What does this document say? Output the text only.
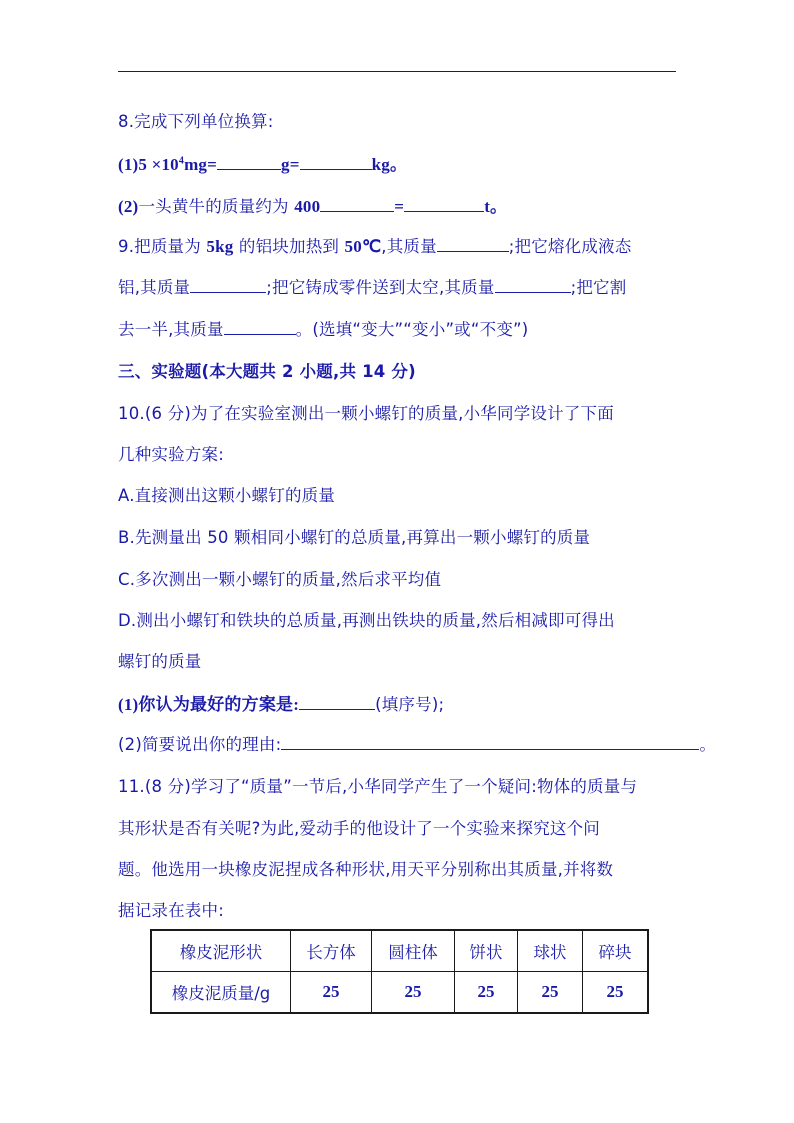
8.完成下列单位换算:
$(1)5 \times 10^4mg=$	g=	kg。
(2)一头黄牛的质量约为 400	=	t。
9.把质量为 5kg 的铝块加热到 50℃,其质量	;把它熔化成液态
铝,其质量	;把它铸成零件送到太空,其质量	;把它割
去一半,其质量	。(选填“变大”“变小”或“不变”)
三、实验题(本大题共 2 小题,共 14 分)
10.(6 分)为了在实验室测出一颗小螺钉的质量,小华同学设计了下面
几种实验方案:
A.直接测出这颗小螺钉的质量
B.先测量出 50 颗相同小螺钉的总质量,再算出一颗小螺钉的质量
C.多次测出一颗小螺钉的质量,然后求平均值
D.测出小螺钉和铁块的总质量,再测出铁块的质量,然后相减即可得出
螺钉的质量
(1)你认为最好的方案是:	(填序号);
(2)简要说出你的理由:	。
11.(8 分)学习了“质量”一节后,小华同学产生了一个疑问:物体的质量与
其形状是否有关呢?为此,爱动手的他设计了一个实验来探究这个问
题。他选用一块橡皮泥捏成各种形状,用天平分别称出其质量,并将数
据记录在表中:
橡皮泥形状	长方体	圆柱体	饼状	球状	碎块
橡皮泥质量/g	25	25	25	25	25
